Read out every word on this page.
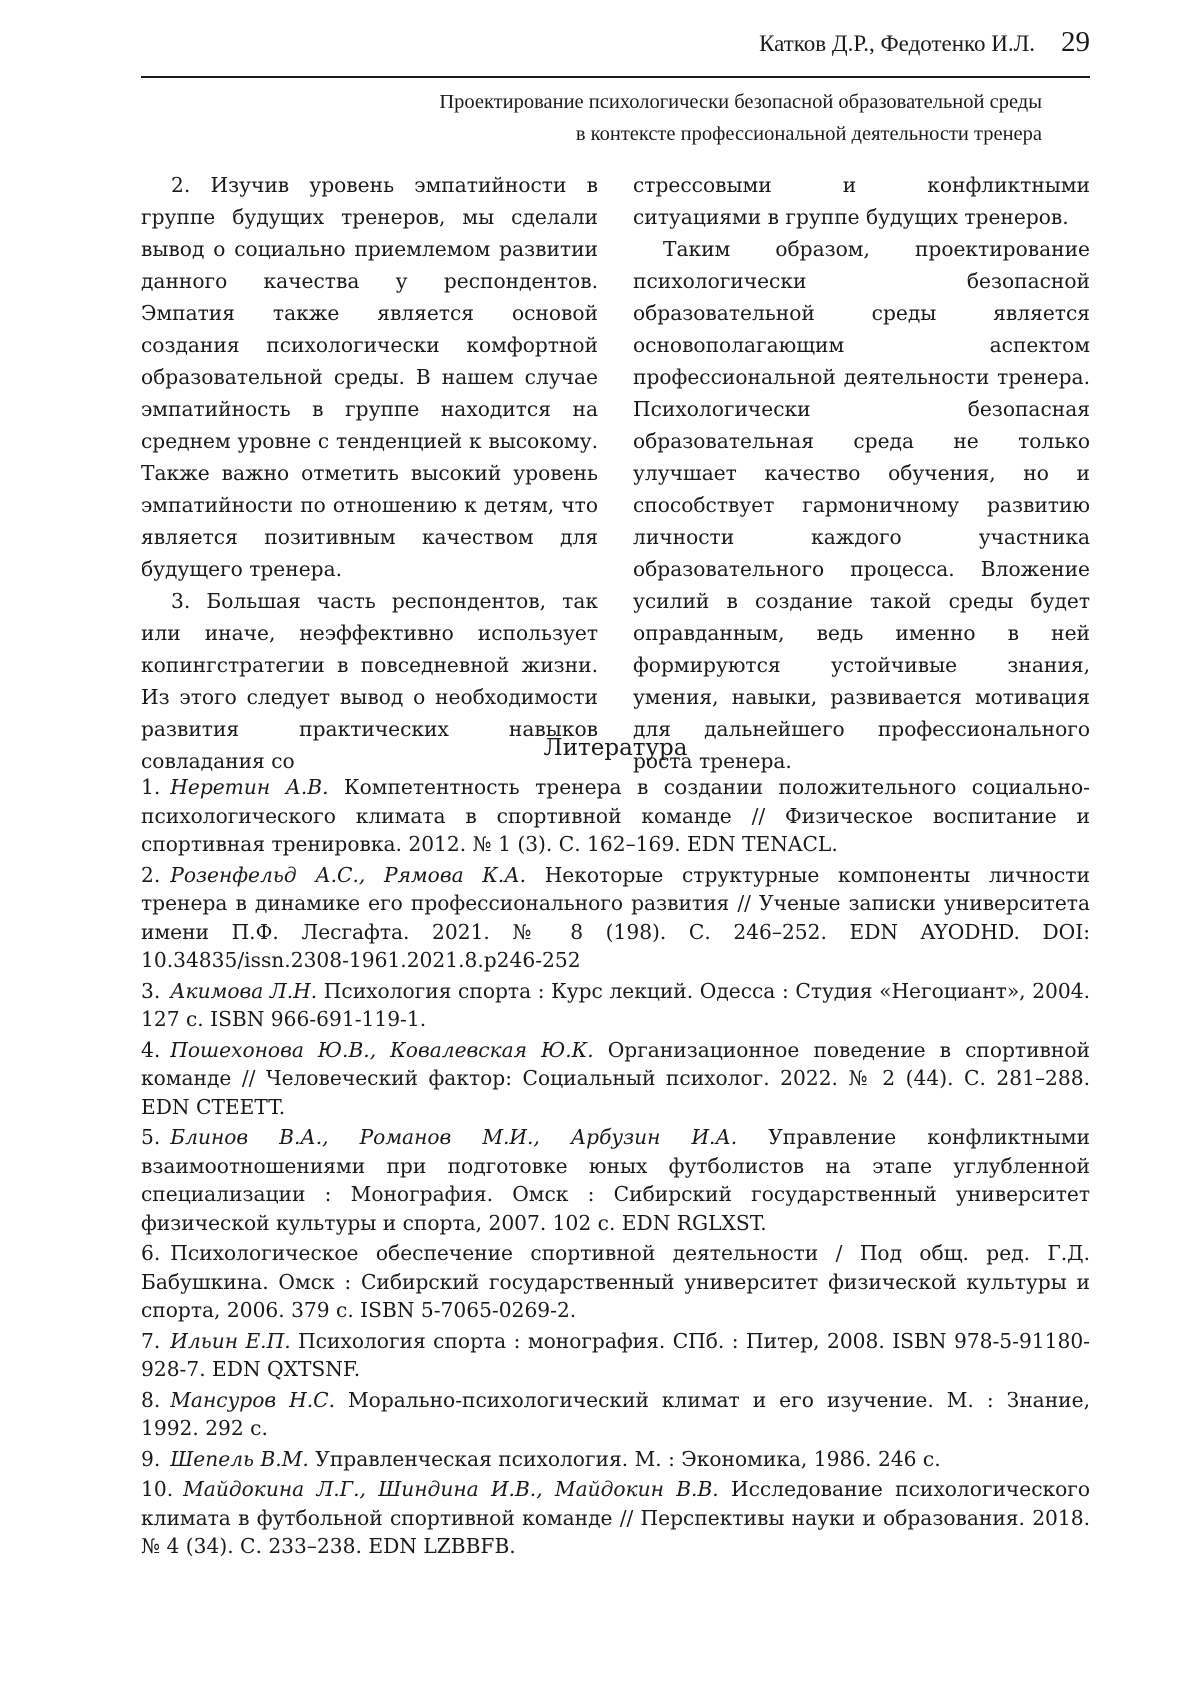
Катков Д.Р., Федотенко И.Л. 29
Проектирование психологически безопасной образовательной среды
в контексте профессиональной деятельности тренера

2. Изучив уровень эмпатийности в группе будущих тренеров, мы сделали вывод о социально приемлемом развитии данного качества у респондентов. Эмпатия также является основой создания психологически комфортной образовательной среды. В нашем случае эмпатийность в группе находится на среднем уровне с тенденцией к высокому. Также важно отметить высокий уровень эмпатийности по отношению к детям, что является позитивным качеством для будущего тренера.

3. Большая часть респондентов, так или иначе, неэффективно использует копингстратегии в повседневной жизни. Из этого следует вывод о необходимости развития практических навыков совладания со

стрессовыми и конфликтными ситуациями в группе будущих тренеров.

Таким образом, проектирование психологически безопасной образовательной среды является основополагающим аспектом профессиональной деятельности тренера. Психологически безопасная образовательная среда не только улучшает качество обучения, но и способствует гармоничному развитию личности каждого участника образовательного процесса. Вложение усилий в создание такой среды будет оправданным, ведь именно в ней формируются устойчивые знания, умения, навыки, развивается мотивация для дальнейшего профессионального роста тренера.

Литература

1. Неретин А.В. Компетентность тренера в создании положительного социально-психологического климата в спортивной команде // Физическое воспитание и спортивная тренировка. 2012. № 1 (3). С. 162–169. EDN TENACL.

2. Розенфельд А.С., Рямова К.А. Некоторые структурные компоненты личности тренера в динамике его профессионального развития // Ученые записки университета имени П.Ф. Лесгафта. 2021. № 8 (198). С. 246–252. EDN AYODHD. DOI: 10.34835/issn.2308-1961.2021.8.p246-252

3. Акимова Л.Н. Психология спорта : Курс лекций. Одесса : Студия «Негоциант», 2004. 127 с. ISBN 966-691-119-1.

4. Пошехонова Ю.В., Ковалевская Ю.К. Организационное поведение в спортивной команде // Человеческий фактор: Социальный психолог. 2022. № 2 (44). С. 281–288. EDN CTEETT.

5. Блинов В.А., Романов М.И., Арбузин И.А. Управление конфликтными взаимоотношениями при подготовке юных футболистов на этапе углубленной специализации : Монография. Омск : Сибирский государственный университет физической культуры и спорта, 2007. 102 с. EDN RGLXST.

6. Психологическое обеспечение спортивной деятельности / Под общ. ред. Г.Д. Бабушкина. Омск : Сибирский государственный университет физической культуры и спорта, 2006. 379 с. ISBN 5-7065-0269-2.

7. Ильин Е.П. Психология спорта : монография. СПб. : Питер, 2008. ISBN 978-5-91180-928-7. EDN QXTSNF.

8. Мансуров Н.С. Морально-психологический климат и его изучение. М. : Знание, 1992. 292 с.

9. Шепель В.М. Управленческая психология. М. : Экономика, 1986. 246 с.

10. Майдокина Л.Г., Шиндина И.В., Майдокин В.В. Исследование психологического климата в футбольной спортивной команде // Перспективы науки и образования. 2018. № 4 (34). С. 233–238. EDN LZBBFB.
